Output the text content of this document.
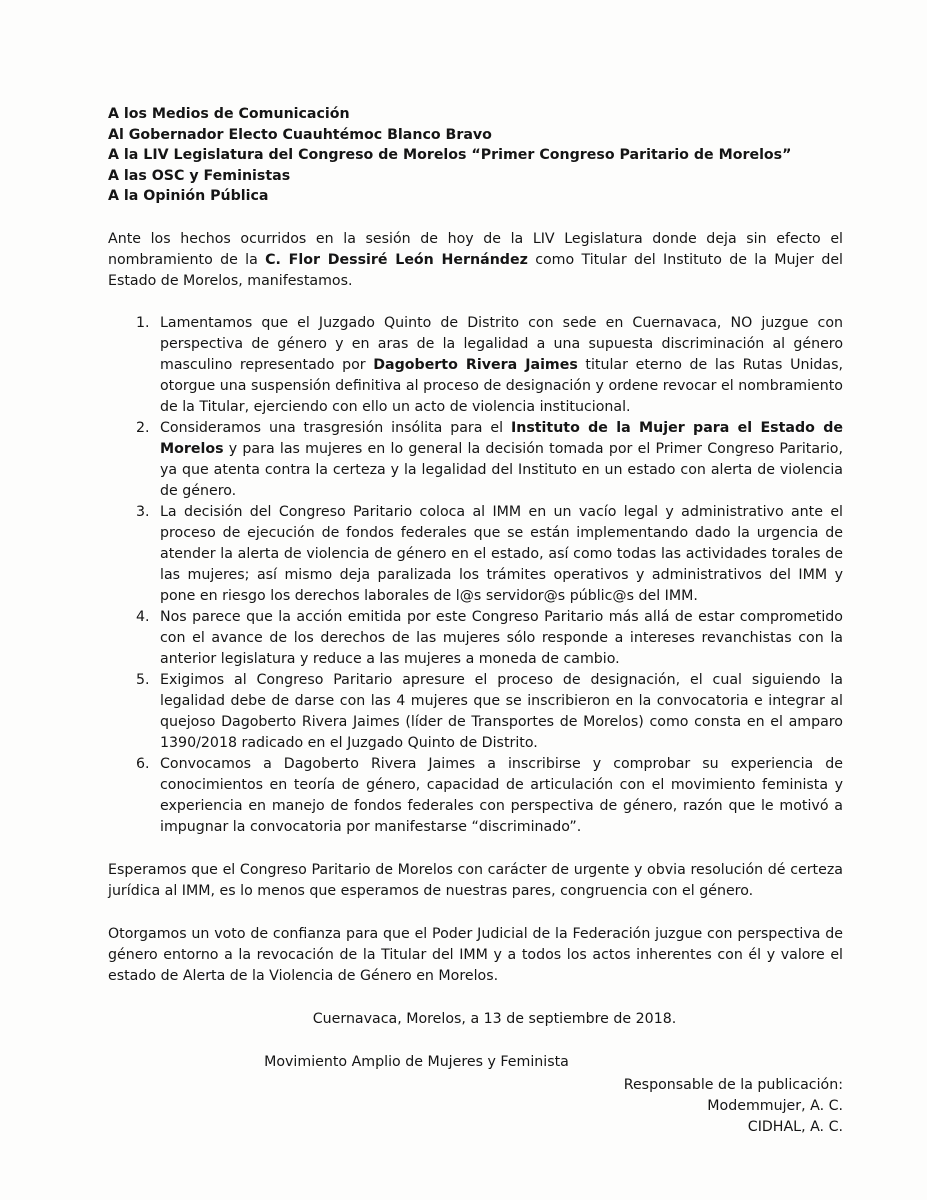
A los Medios de Comunicación
Al Gobernador Electo Cuauhtémoc Blanco Bravo
A la LIV Legislatura del Congreso de Morelos “Primer Congreso Paritario de Morelos”
A las OSC y Feministas
A la Opinión Pública

Ante los hechos ocurridos en la sesión de hoy de la LIV Legislatura donde deja sin efecto el nombramiento de la C. Flor Dessiré León Hernández como Titular del Instituto de la Mujer del Estado de Morelos, manifestamos.

1. Lamentamos que el Juzgado Quinto de Distrito con sede en Cuernavaca, NO juzgue con perspectiva de género y en aras de la legalidad a una supuesta discriminación al género masculino representado por Dagoberto Rivera Jaimes titular eterno de las Rutas Unidas, otorgue una suspensión definitiva al proceso de designación y ordene revocar el nombramiento de la Titular, ejerciendo con ello un acto de violencia institucional.
2. Consideramos una trasgresión insólita para el Instituto de la Mujer para el Estado de Morelos y para las mujeres en lo general la decisión tomada por el Primer Congreso Paritario, ya que atenta contra la certeza y la legalidad del Instituto en un estado con alerta de violencia de género.
3. La decisión del Congreso Paritario coloca al IMM en un vacío legal y administrativo ante el proceso de ejecución de fondos federales que se están implementando dado la urgencia de atender la alerta de violencia de género en el estado, así como todas las actividades torales de las mujeres; así mismo deja paralizada los trámites operativos y administrativos del IMM y pone en riesgo los derechos laborales de l@s servidor@s públic@s del IMM.
4. Nos parece que la acción emitida por este Congreso Paritario más allá de estar comprometido con el avance de los derechos de las mujeres sólo responde a intereses revanchistas con la anterior legislatura y reduce a las mujeres a moneda de cambio.
5. Exigimos al Congreso Paritario apresure el proceso de designación, el cual siguiendo la legalidad debe de darse con las 4 mujeres que se inscribieron en la convocatoria e integrar al quejoso Dagoberto Rivera Jaimes (líder de Transportes de Morelos) como consta en el amparo 1390/2018 radicado en el Juzgado Quinto de Distrito.
6. Convocamos a Dagoberto Rivera Jaimes a inscribirse y comprobar su experiencia de conocimientos en teoría de género, capacidad de articulación con el movimiento feminista y experiencia en manejo de fondos federales con perspectiva de género, razón que le motivó a impugnar la convocatoria por manifestarse “discriminado”.

Esperamos que el Congreso Paritario de Morelos con carácter de urgente y obvia resolución dé certeza jurídica al IMM, es lo menos que esperamos de nuestras pares, congruencia con el género.

Otorgamos un voto de confianza para que el Poder Judicial de la Federación juzgue con perspectiva de género entorno a la revocación de la Titular del IMM y a todos los actos inherentes con él y valore el estado de Alerta de la Violencia de Género en Morelos.

Cuernavaca, Morelos, a 13 de septiembre de 2018.
Movimiento Amplio de Mujeres y Feminista
Responsable de la publicación:
Modemmujer, A. C.
CIDHAL, A. C.
